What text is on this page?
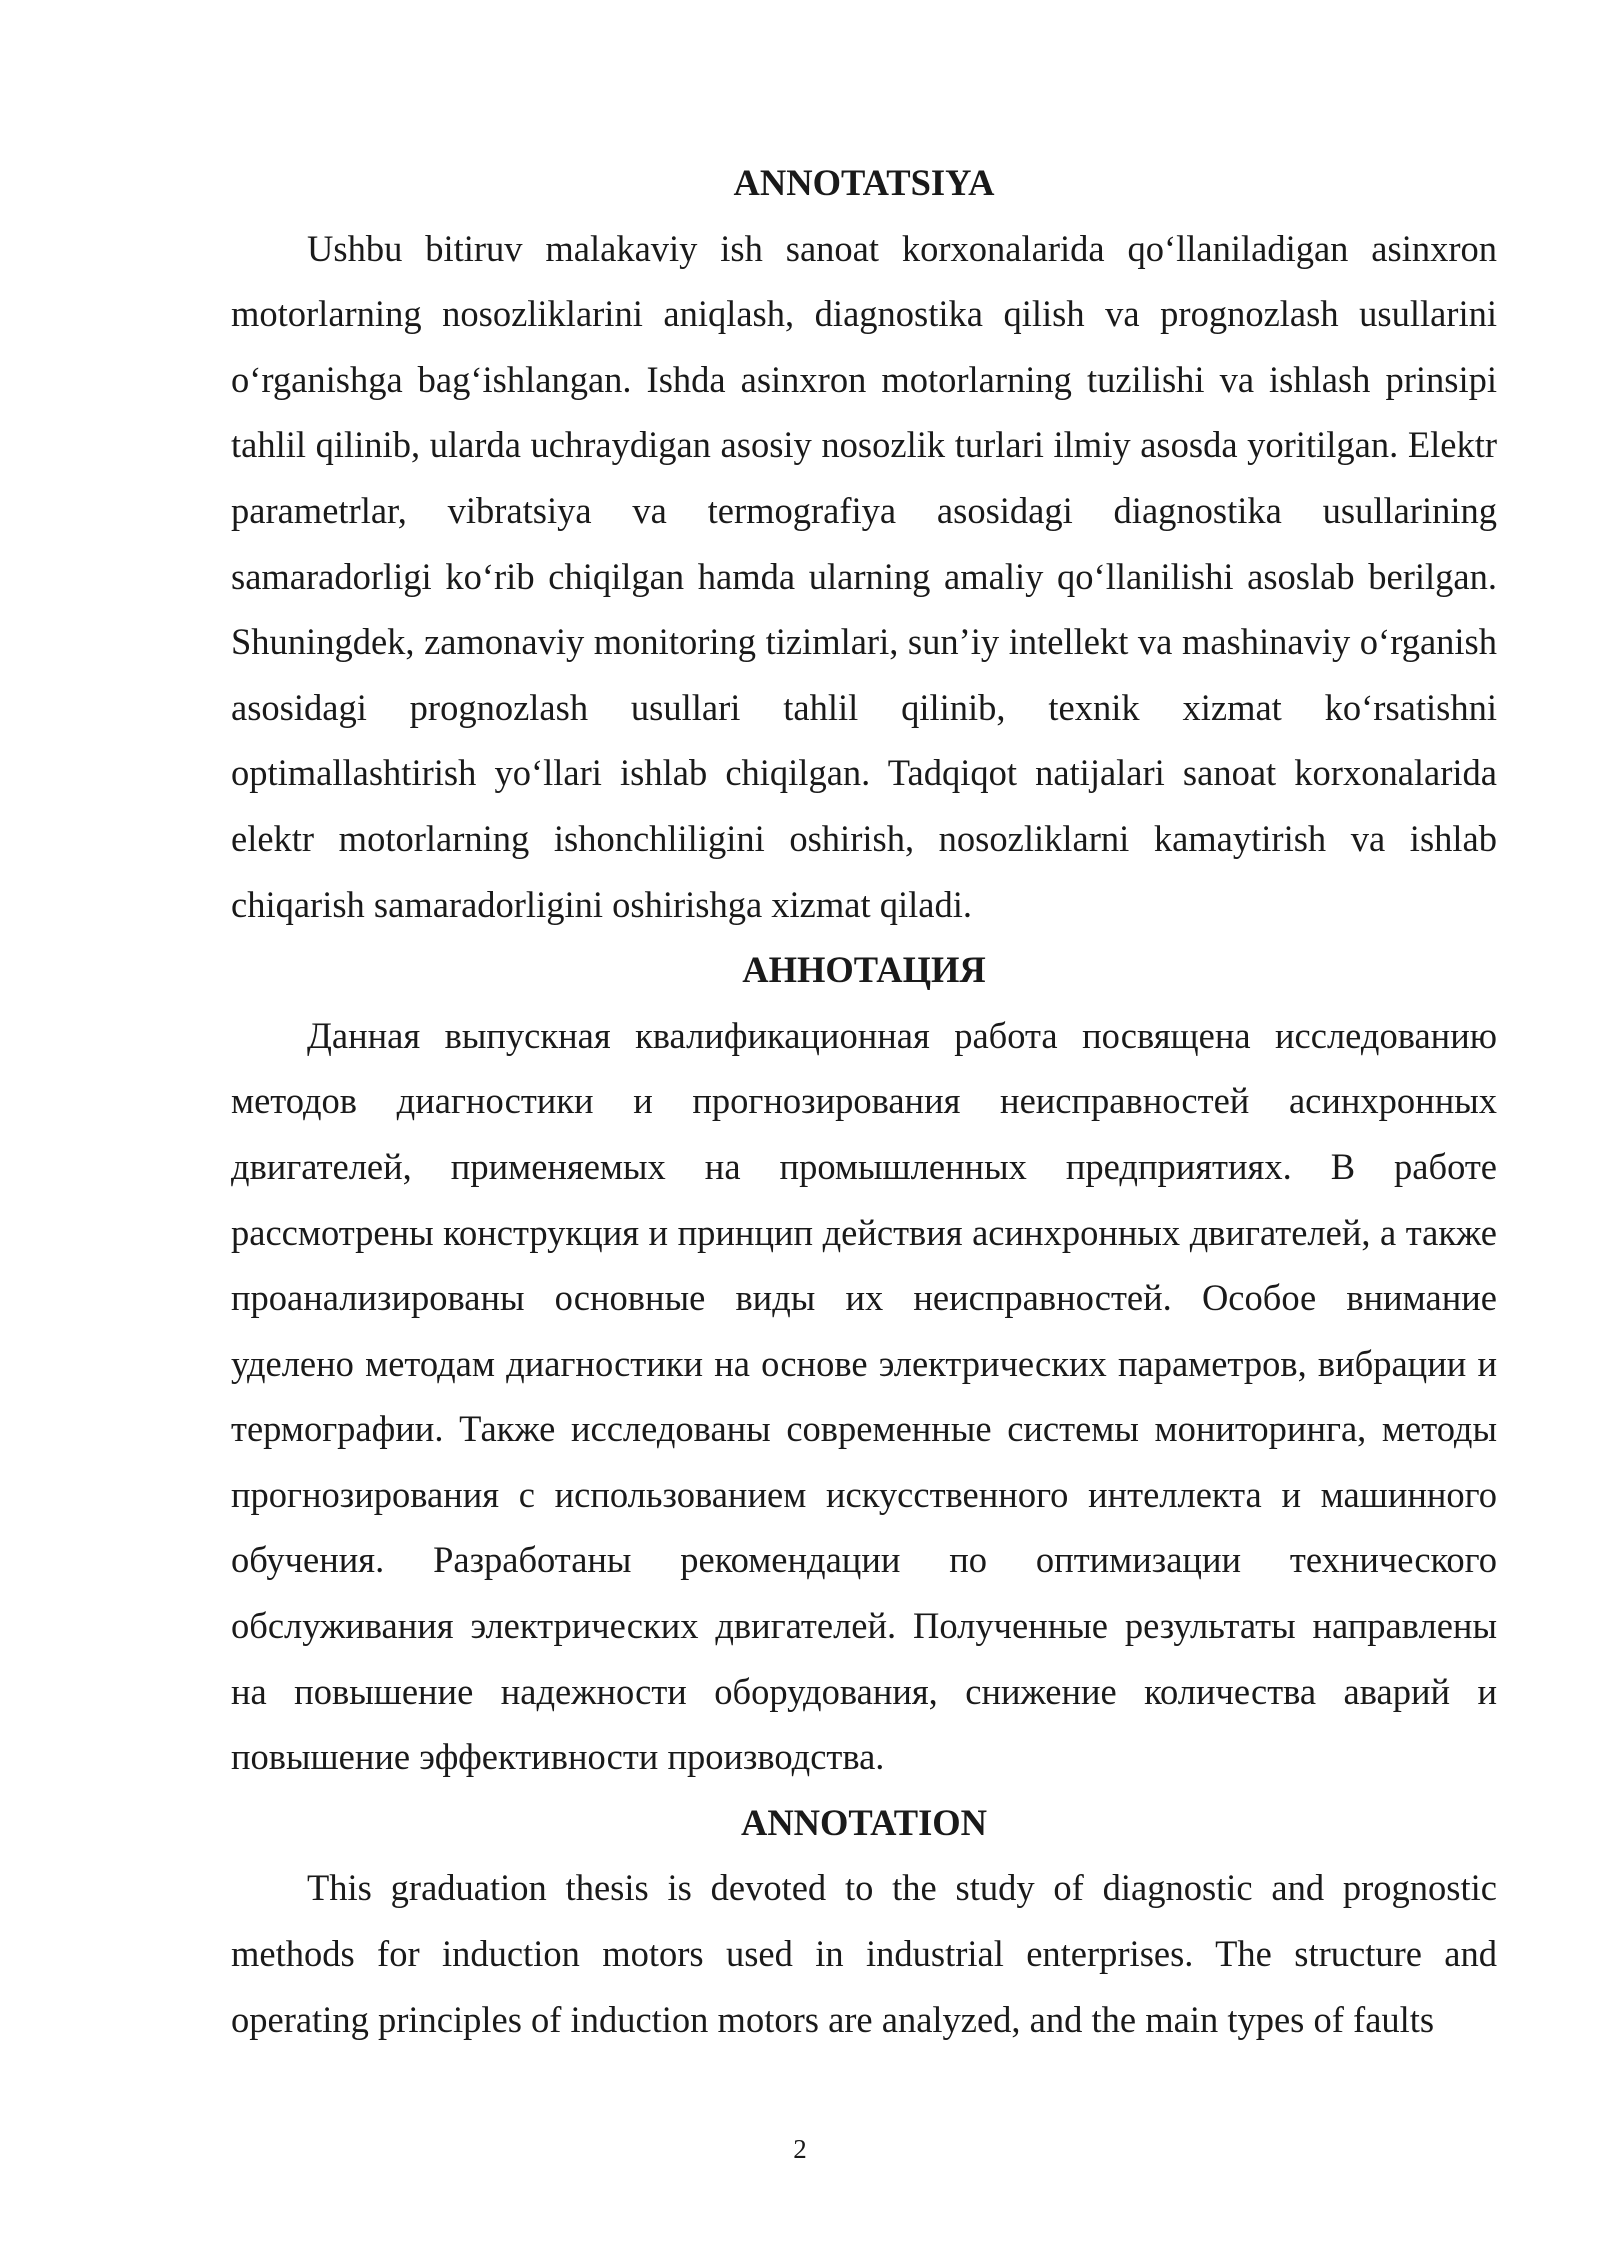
ANNOTATSIYA

Ushbu bitiruv malakaviy ish sanoat korxonalarida qo‘llaniladigan asinxron motorlarning nosozliklarini aniqlash, diagnostika qilish va prognozlash usullarini o‘rganishga bag‘ishlangan. Ishda asinxron motorlarning tuzilishi va ishlash prinsipi tahlil qilinib, ularda uchraydigan asosiy nosozlik turlari ilmiy asosda yoritilgan. Elektr parametrlar, vibratsiya va termografiya asosidagi diagnostika usullarining samaradorligi ko‘rib chiqilgan hamda ularning amaliy qo‘llanilishi asoslab berilgan. Shuningdek, zamonaviy monitoring tizimlari, sun’iy intellekt va mashinaviy o‘rganish asosidagi prognozlash usullari tahlil qilinib, texnik xizmat ko‘rsatishni optimallashtirish yo‘llari ishlab chiqilgan. Tadqiqot natijalari sanoat korxonalarida elektr motorlarning ishonchliligini oshirish, nosozliklarni kamaytirish va ishlab chiqarish samaradorligini oshirishga xizmat qiladi.

АННОТАЦИЯ

Данная выпускная квалификационная работа посвящена исследованию методов диагностики и прогнозирования неисправностей асинхронных двигателей, применяемых на промышленных предприятиях. В работе рассмотрены конструкция и принцип действия асинхронных двигателей, а также проанализированы основные виды их неисправностей. Особое внимание уделено методам диагностики на основе электрических параметров, вибрации и термографии. Также исследованы современные системы мониторинга, методы прогнозирования с использованием искусственного интеллекта и машинного обучения. Разработаны рекомендации по оптимизации технического обслуживания электрических двигателей. Полученные результаты направлены на повышение надежности оборудования, снижение количества аварий и повышение эффективности производства.

ANNOTATION

This graduation thesis is devoted to the study of diagnostic and prognostic methods for induction motors used in industrial enterprises. The structure and operating principles of induction motors are analyzed, and the main types of faults

2
